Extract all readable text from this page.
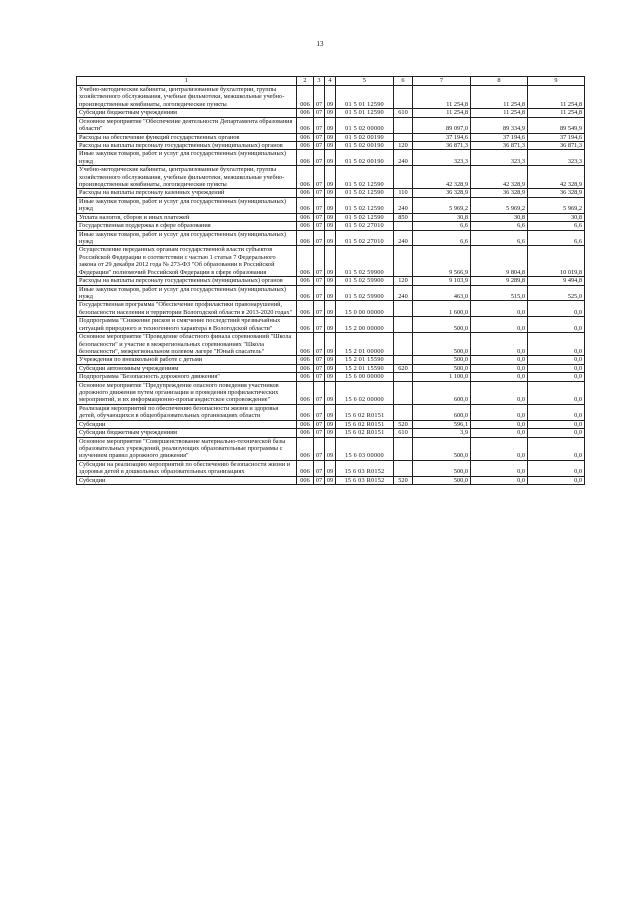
13
1	2	3	4	5	6	7	8	9
Учебно-методические кабинеты, централизованные бухгалтерии, группы хозяйственного обслуживания, учебные фильмотеки, межшкольные учебно-производственные комбинаты, логопедические пункты	006	07	09	01 5 01 12590		11 254,8	11 254,8	11 254,8
Субсидии бюджетным учреждениям	006	07	09	01 5 01 12590	610	11 254,8	11 254,8	11 254,8
Основное мероприятие "Обеспечение деятельности Департамента образования области"	006	07	09	01 5 02 00000		89 097,0	89 334,9	89 549,9
Расходы на обеспечение функций государственных органов	006	07	09	01 5 02 00190		37 194,6	37 194,6	37 194,6
Расходы на выплаты персоналу государственных (муниципальных) органов	006	07	09	01 5 02 00190	120	36 871,3	36 871,3	36 871,3
Иные закупки товаров, работ и услуг для государственных (муниципальных) нужд	006	07	09	01 5 02 00190	240	323,3	323,3	323,3
Учебно-методические кабинеты, централизованные бухгалтерии, группы хозяйственного обслуживания, учебные фильмотеки, межшкольные учебно-производственные комбинаты, логопедические пункты	006	07	09	01 5 02 12590		42 328,9	42 328,9	42 328,9
Расходы на выплаты персоналу казенных учреждений	006	07	09	01 5 02 12590	110	36 328,9	36 328,9	36 328,9
Иные закупки товаров, работ и услуг для государственных (муниципальных) нужд	006	07	09	01 5 02 12590	240	5 969,2	5 969,2	5 969,2
Уплата налогов, сборов и иных платежей	006	07	09	01 5 02 12590	850	30,8	30,8	30,8
Государственная поддержка в сфере образования	006	07	09	01 5 02 27010		6,6	6,6	6,6
Иные закупки товаров, работ и услуг для государственных (муниципальных) нужд	006	07	09	01 5 02 27010	240	6,6	6,6	6,6
Осуществление переданных органам государственной власти субъектов Российской Федерации в соответствии с частью 1 статьи 7 Федерального закона от 29 декабря 2012 года № 273-ФЗ "Об образовании в Российской Федерации" полномочий Российской Федерации в сфере образования	006	07	09	01 5 02 59900		9 566,9	9 804,8	10 019,8
Расходы на выплаты персоналу государственных (муниципальных) органов	006	07	09	01 5 02 59900	120	9 103,9	9 289,8	9 494,8
Иные закупки товаров, работ и услуг для государственных (муниципальных) нужд	006	07	09	01 5 02 59900	240	463,0	515,0	525,0
Государственная программа "Обеспечение профилактики правонарушений, безопасности населения и территории Вологодской области в 2013-2020 годах"	006	07	09	15 0 00 00000		1 600,0	0,0	0,0
Подпрограмма "Снижение рисков и смягчение последствий чрезвычайных ситуаций природного и техногенного характера в Вологодской области"	006	07	09	15 2 00 00000		500,0	0,0	0,0
Основное мероприятие "Проведение областного финала соревнований "Школа безопасности" и участие в межрегиональных соревнованиях "Школа безопасности", межрегиональном полевом лагере "Юный спасатель"	006	07	09	15 2 01 00000		500,0	0,0	0,0
Учреждения по внешкольной работе с детьми	006	07	09	15 2 01 15590		500,0	0,0	0,0
Субсидии автономным учреждениям	006	07	09	15 2 01 15590	620	500,0	0,0	0,0
Подпрограмма "Безопасность дорожного движения"	006	07	09	15 6 00 00000		1 100,0	0,0	0,0
Основное мероприятие "Предупреждение опасного поведения участников дорожного движения путем организации и проведения профилактических мероприятий, и их информационно-пропагандистское сопровождение"	006	07	09	15 6 02 00000		600,0	0,0	0,0
Реализация мероприятий по обеспечению безопасности жизни и здоровья детей, обучающихся в общеобразовательных организациях области	006	07	09	15 6 02 R0151		600,0	0,0	0,0
Субсидии	006	07	09	15 6 02 R0151	520	596,1	0,0	0,0
Субсидии бюджетным учреждениям	006	07	09	15 6 02 R0151	610	3,9	0,0	0,0
Основное мероприятие "Совершенствование материально-технической базы образовательных учреждений, реализующих образовательные программы с изучением правил дорожного движения"	006	07	09	15 6 03 00000		500,0	0,0	0,0
Субсидии на реализацию мероприятий по обеспечению безопасности жизни и здоровья детей в дошкольных образовательных организациях	006	07	09	15 6 03 R0152		500,0	0,0	0,0
Субсидии	006	07	09	15 6 03 R0152	520	500,0	0,0	0,0
